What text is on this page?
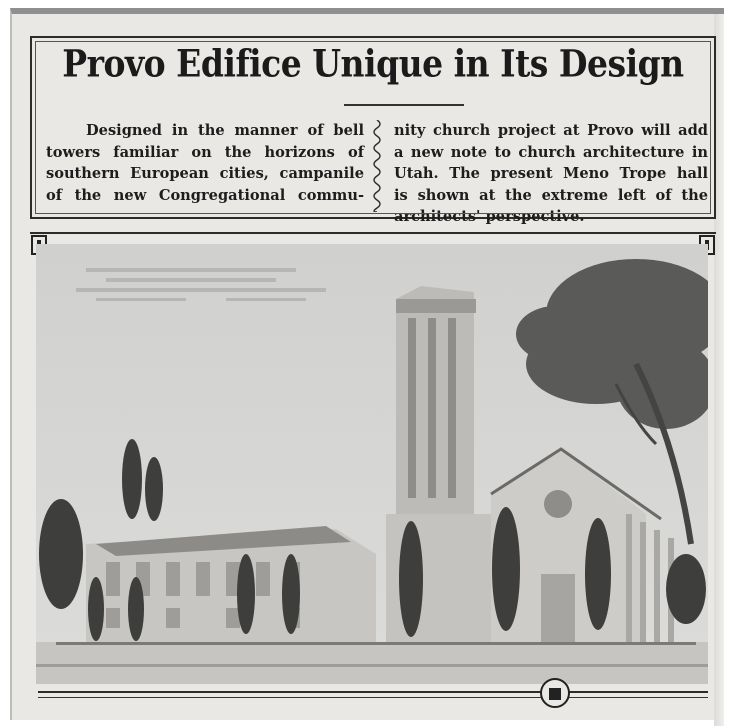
Provo Edifice Unique in Its Design

Designed in the manner of bell

towers familiar on the horizons of

southern European cities, campanile

of the new Congregational commu-

nity church project at Provo will add

a new note to church architecture in

Utah. The present Meno Trope hall

is shown at the extreme left of the

architects' perspective.
